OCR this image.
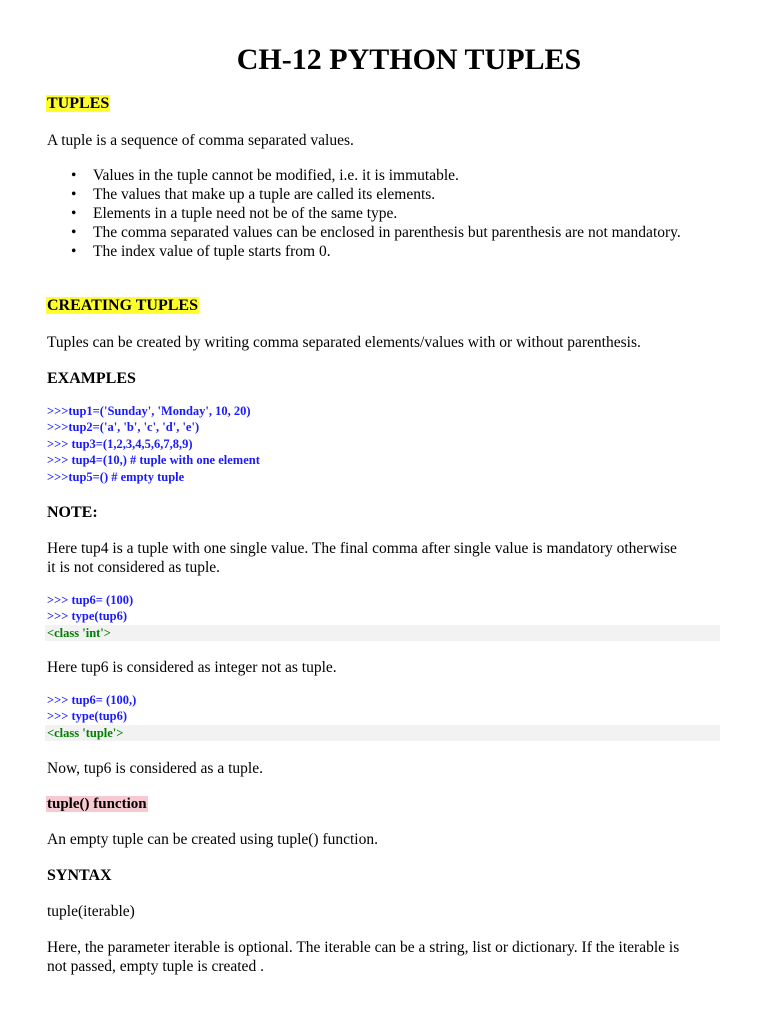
CH-12 PYTHON TUPLES
TUPLES

A tuple is a sequence of comma separated values.

• Values in the tuple cannot be modified, i.e. it is immutable.
• The values that make up a tuple are called its elements.
• Elements in a tuple need not be of the same type.
• The comma separated values can be enclosed in parenthesis but parenthesis are not mandatory.
• The index value of tuple starts from 0.
CREATING TUPLES

Tuples can be created by writing comma separated elements/values with or without parenthesis.

EXAMPLES
>>>tup1=('Sunday', 'Monday', 10, 20)
>>>tup2=('a', 'b', 'c', 'd', 'e')
>>> tup3=(1,2,3,4,5,6,7,8,9)
>>> tup4=(10,) # tuple with one element
>>>tup5=() # empty tuple
NOTE:

Here tup4 is a tuple with one single value. The final comma after single value is mandatory otherwise it is not considered as tuple.

>>> tup6= (100)
>>> type(tup6)
<class 'int'>

Here tup6 is considered as integer not as tuple.

>>> tup6= (100,)
>>> type(tup6)
<class 'tuple'>

Now, tup6 is considered as a tuple.

tuple() function

An empty tuple can be created using tuple() function.

SYNTAX

tuple(iterable)

Here, the parameter iterable is optional. The iterable can be a string, list or dictionary. If the iterable is not passed, empty tuple is created .
